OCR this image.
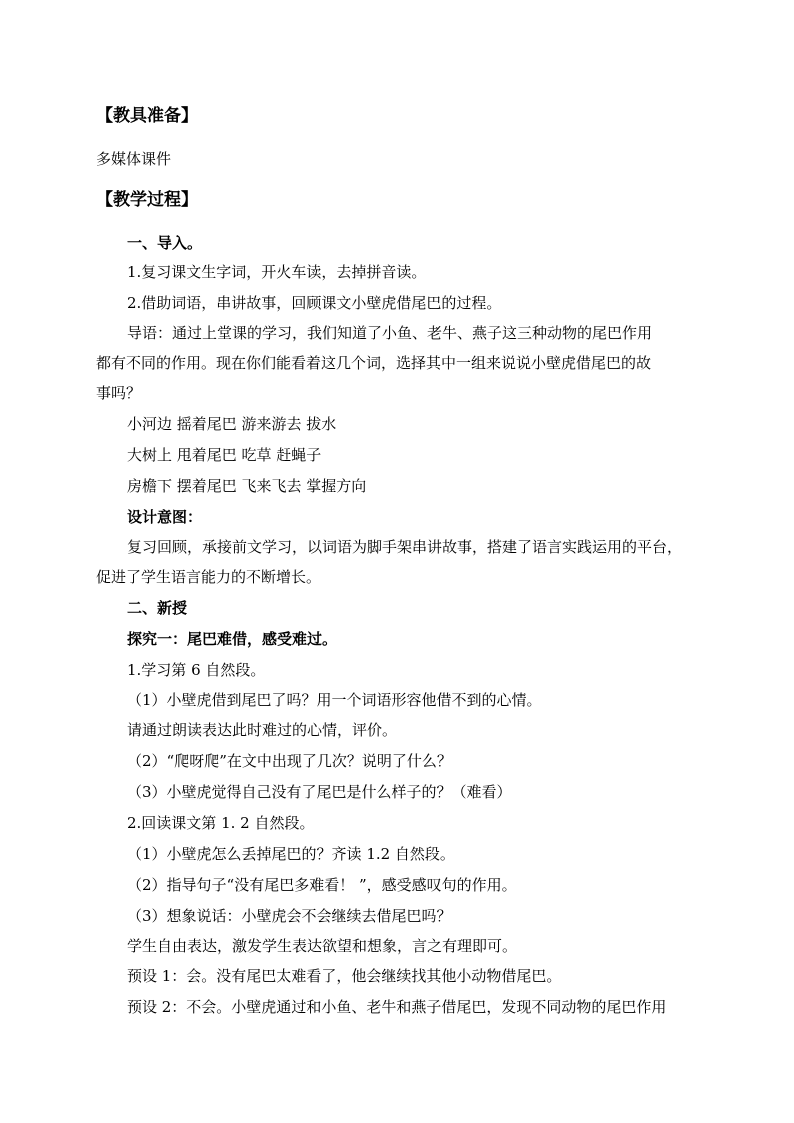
【教具准备】
多媒体课件
【教学过程】
一、导入。
1.复习课文生字词，开火车读，去掉拼音读。
2.借助词语，串讲故事，回顾课文小壁虎借尾巴的过程。
导语：通过上堂课的学习，我们知道了小鱼、老牛、燕子这三种动物的尾巴作用
都有不同的作用。现在你们能看着这几个词，选择其中一组来说说小壁虎借尾巴的故
事吗？
小河边 摇着尾巴 游来游去 拔水
大树上 甩着尾巴 吃草 赶蝇子
房檐下 摆着尾巴 飞来飞去 掌握方向
设计意图：
复习回顾，承接前文学习，以词语为脚手架串讲故事，搭建了语言实践运用的平台，
促进了学生语言能力的不断增长。
二、新授
探究一：尾巴难借，感受难过。
1.学习第 6 自然段。
（1）小壁虎借到尾巴了吗？用一个词语形容他借不到的心情。
请通过朗读表达此时难过的心情，评价。
（2）“爬呀爬”在文中出现了几次？说明了什么？
（3）小壁虎觉得自己没有了尾巴是什么样子的？（难看）
2.回读课文第 1. 2 自然段。
（1）小壁虎怎么丢掉尾巴的？齐读 1.2 自然段。
（2）指导句子“没有尾巴多难看！ ”，感受感叹句的作用。
（3）想象说话：小壁虎会不会继续去借尾巴吗？
学生自由表达，激发学生表达欲望和想象，言之有理即可。
预设 1：会。没有尾巴太难看了，他会继续找其他小动物借尾巴。
预设 2：不会。小壁虎通过和小鱼、老牛和燕子借尾巴，发现不同动物的尾巴作用
